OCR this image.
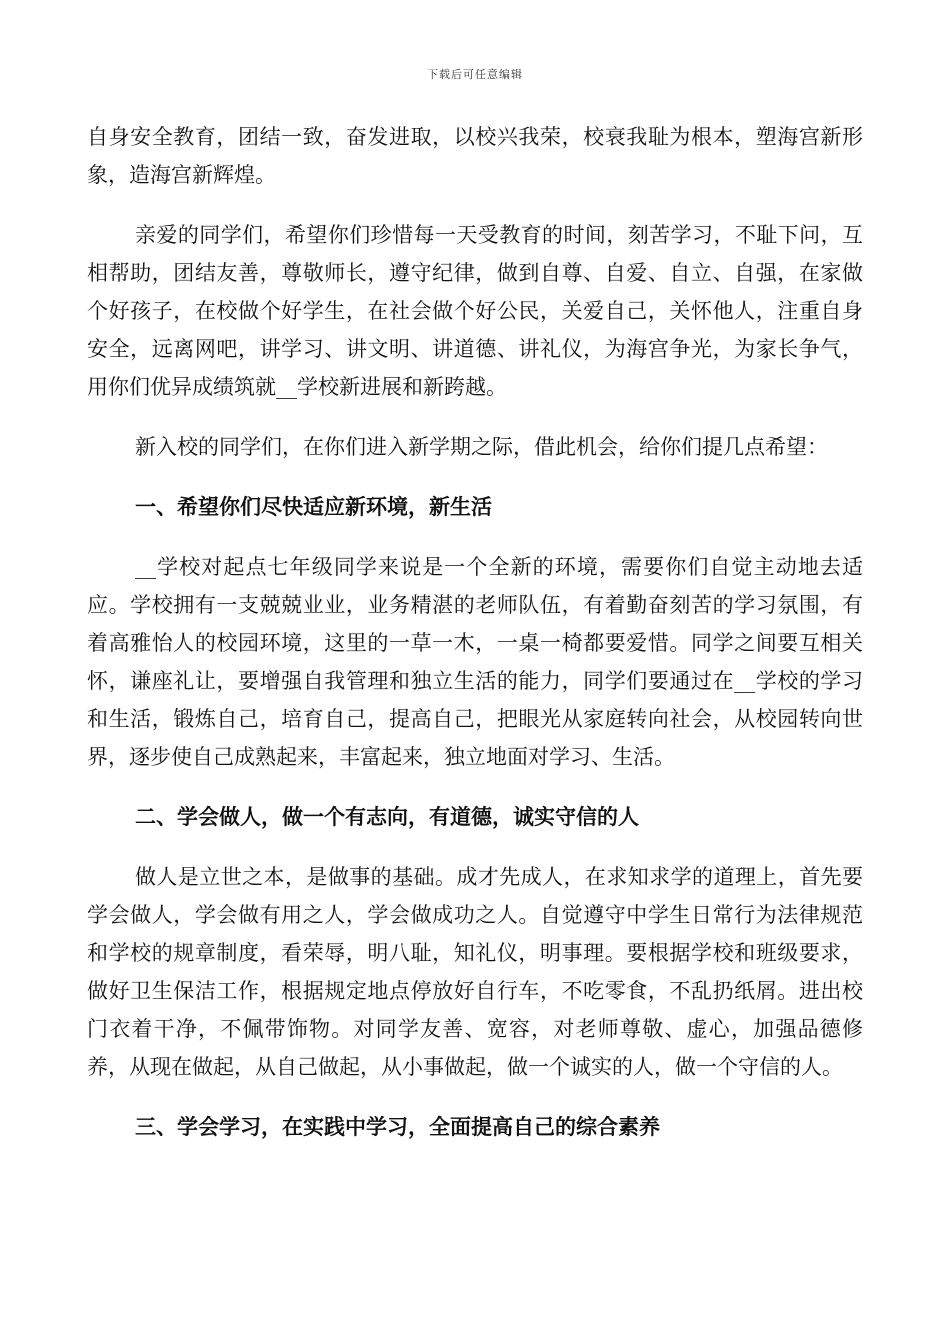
下载后可任意编辑

自身安全教育，团结一致，奋发进取，以校兴我荣，校衰我耻为根本，塑海宫新形象，造海宫新辉煌。

亲爱的同学们，希望你们珍惜每一天受教育的时间，刻苦学习，不耻下问，互相帮助，团结友善，尊敬师长，遵守纪律，做到自尊、自爱、自立、自强，在家做个好孩子，在校做个好学生，在社会做个好公民，关爱自己，关怀他人，注重自身安全，远离网吧，讲学习、讲文明、讲道德、讲礼仪，为海宫争光，为家长争气，用你们优异成绩筑就__学校新进展和新跨越。

新入校的同学们，在你们进入新学期之际，借此机会，给你们提几点希望：

一、希望你们尽快适应新环境，新生活

__学校对起点七年级同学来说是一个全新的环境，需要你们自觉主动地去适应。学校拥有一支兢兢业业，业务精湛的老师队伍，有着勤奋刻苦的学习氛围，有着高雅怡人的校园环境，这里的一草一木，一桌一椅都要爱惜。同学之间要互相关怀，谦座礼让，要增强自我管理和独立生活的能力，同学们要通过在__学校的学习和生活，锻炼自己，培育自己，提高自己，把眼光从家庭转向社会，从校园转向世界，逐步使自己成熟起来，丰富起来，独立地面对学习、生活。

二、学会做人，做一个有志向，有道德，诚实守信的人

做人是立世之本，是做事的基础。成才先成人，在求知求学的道理上，首先要学会做人，学会做有用之人，学会做成功之人。自觉遵守中学生日常行为法律规范和学校的规章制度，看荣辱，明八耻，知礼仪，明事理。要根据学校和班级要求，做好卫生保洁工作，根据规定地点停放好自行车，不吃零食，不乱扔纸屑。进出校门衣着干净，不佩带饰物。对同学友善、宽容，对老师尊敬、虚心，加强品德修养，从现在做起，从自己做起，从小事做起，做一个诚实的人，做一个守信的人。

三、学会学习，在实践中学习，全面提高自己的综合素养
